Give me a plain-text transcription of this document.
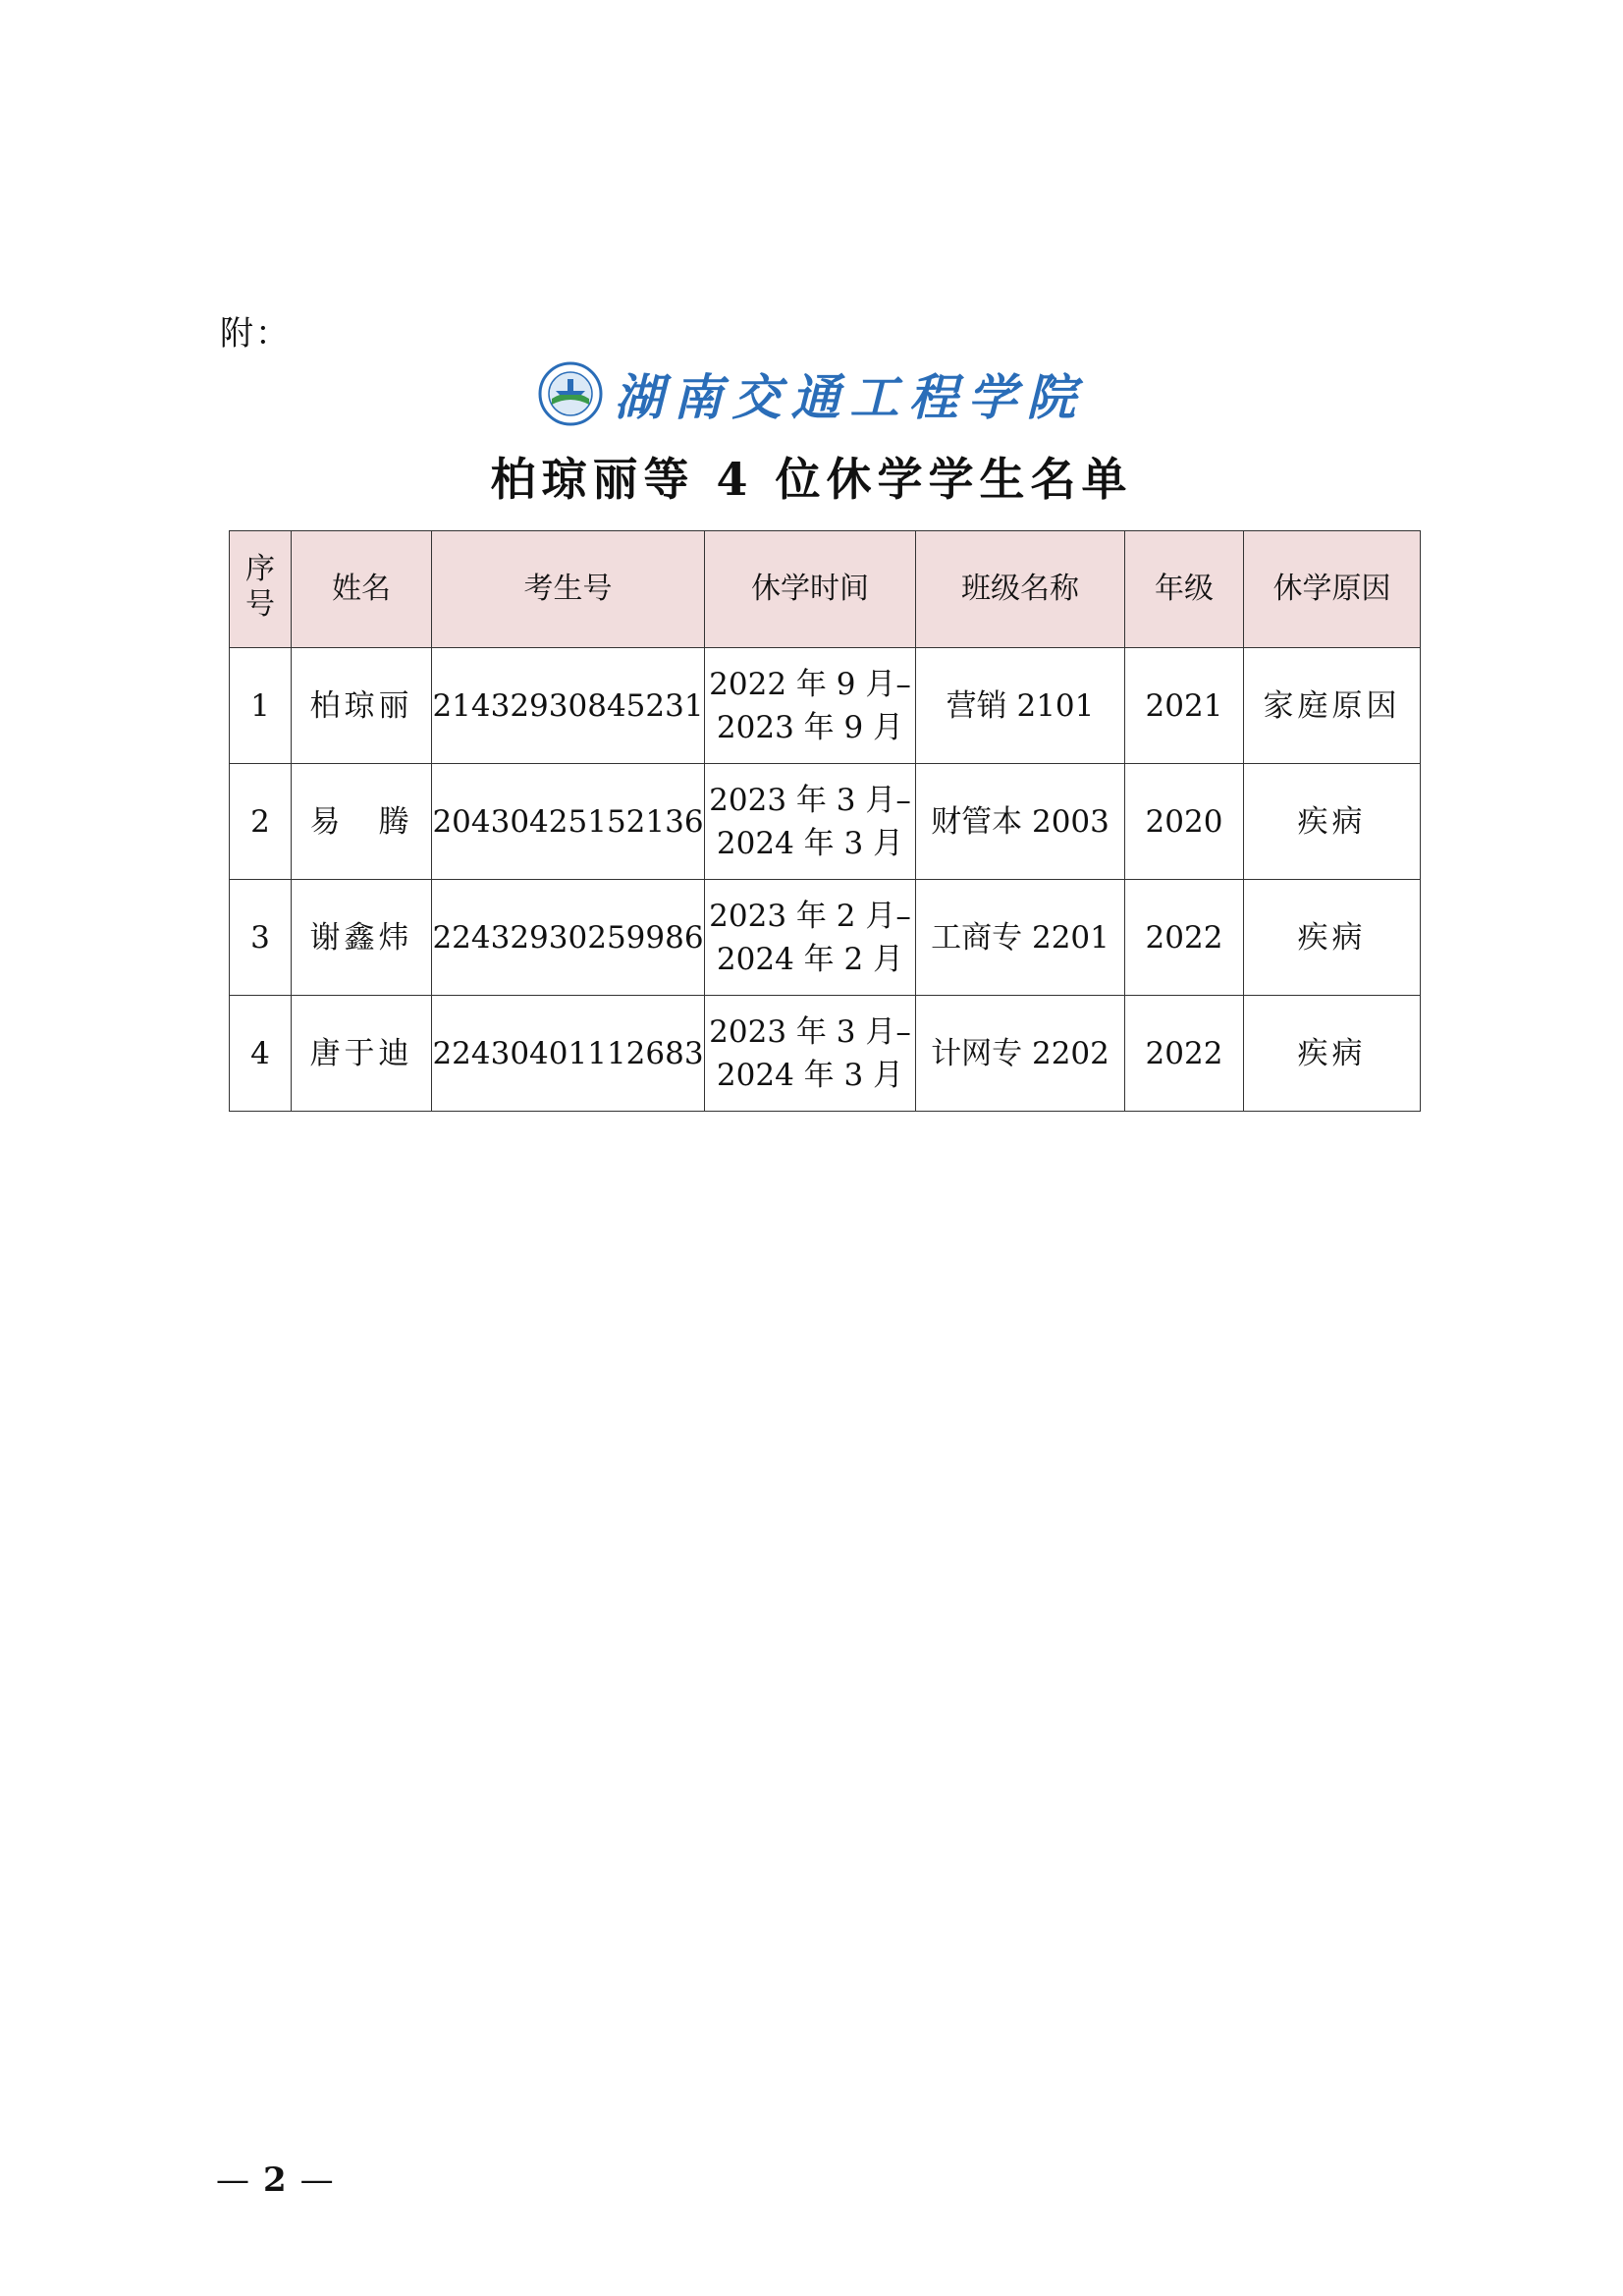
附：
湖南交通工程学院
柏琼丽等 4 位休学学生名单
序号	姓名	考生号	休学时间	班级名称	年级	休学原因
1	柏琼丽	21432930845231	2022 年 9 月–
2023 年 9 月	营销 2101	2021	家庭原因
2	易　腾	20430425152136	2023 年 3 月–
2024 年 3 月	财管本 2003	2020	疾病
3	谢鑫炜	22432930259986	2023 年 2 月–
2024 年 2 月	工商专 2201	2022	疾病
4	唐于迪	22430401112683	2023 年 3 月–
2024 年 3 月	计网专 2202	2022	疾病
— 2 —
